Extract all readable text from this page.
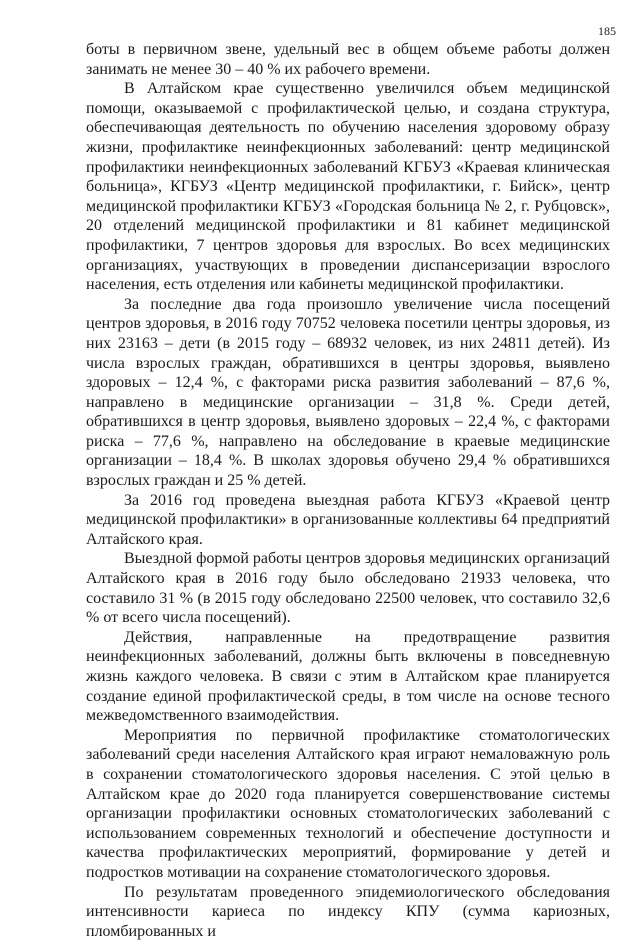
185

боты в первичном звене, удельный вес в общем объеме работы должен занимать не менее 30 – 40 % их рабочего времени.

В Алтайском крае существенно увеличился объем медицинской помощи, оказываемой с профилактической целью, и создана структура, обеспечивающая деятельность по обучению населения здоровому образу жизни, профилактике неинфекционных заболеваний: центр медицинской профилактики неинфекционных заболеваний КГБУЗ «Краевая клиническая больница», КГБУЗ «Центр медицинской профилактики, г. Бийск», центр медицинской профилактики КГБУЗ «Городская больница № 2, г. Рубцовск», 20 отделений медицинской профилактики и 81 кабинет медицинской профилактики, 7 центров здоровья для взрослых. Во всех медицинских организациях, участвующих в проведении диспансеризации взрослого населения, есть отделения или кабинеты медицинской профилактики.

За последние два года произошло увеличение числа посещений центров здоровья, в 2016 году 70752 человека посетили центры здоровья, из них 23163 – дети (в 2015 году – 68932 человек, из них 24811 детей). Из числа взрослых граждан, обратившихся в центры здоровья, выявлено здоровых – 12,4 %, с факторами риска развития заболеваний – 87,6 %, направлено в медицинские организации – 31,8 %. Среди детей, обратившихся в центр здоровья, выявлено здоровых – 22,4 %, с факторами риска – 77,6 %, направлено на обследование в краевые медицинские организации – 18,4 %. В школах здоровья обучено 29,4 % обратившихся взрослых граждан и 25 % детей.

За 2016 год проведена выездная работа КГБУЗ «Краевой центр медицинской профилактики» в организованные коллективы 64 предприятий Алтайского края.

Выездной формой работы центров здоровья медицинских организаций Алтайского края в 2016 году было обследовано 21933 человека, что составило 31 % (в 2015 году обследовано 22500 человек, что составило 32,6 % от всего числа посещений).

Действия, направленные на предотвращение развития неинфекционных заболеваний, должны быть включены в повседневную жизнь каждого человека. В связи с этим в Алтайском крае планируется создание единой профилактической среды, в том числе на основе тесного межведомственного взаимодействия.

Мероприятия по первичной профилактике стоматологических заболеваний среди населения Алтайского края играют немаловажную роль в сохранении стоматологического здоровья населения. С этой целью в Алтайском крае до 2020 года планируется совершенствование системы организации профилактики основных стоматологических заболеваний с использованием современных технологий и обеспечение доступности и качества профилактических мероприятий, формирование у детей и подростков мотивации на сохранение стоматологического здоровья.

По результатам проведенного эпидемиологического обследования интенсивности кариеса по индексу КПУ (сумма кариозных, пломбированных и
